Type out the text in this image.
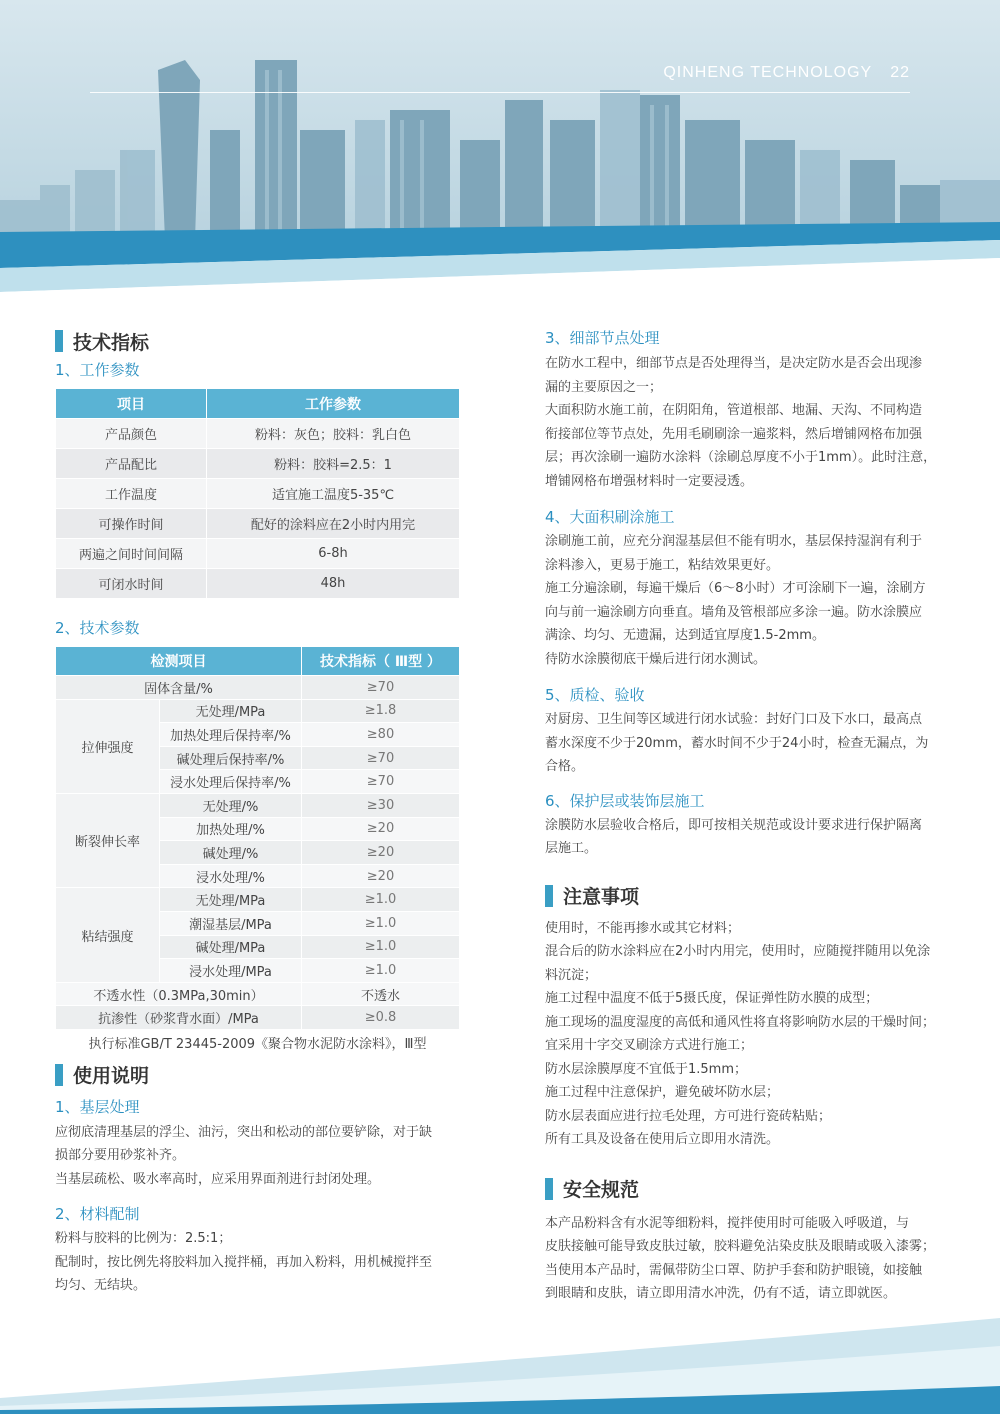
QINHENG TECHNOLOGY 22
技术指标

1、工作参数

项目	工作参数
产品颜色	粉料：灰色；胶料：乳白色
产品配比	粉料：胶料=2.5：1
工作温度	适宜施工温度5-35℃
可操作时间	配好的涂料应在2小时内用完
两遍之间时间间隔	6-8h
可闭水时间	48h

2、技术参数

检测项目		技术指标（ Ⅲ型 ）
固体含量/%		≥70
拉伸强度	无处理/MPa	≥1.8
	加热处理后保持率/%	≥80
	碱处理后保持率/%	≥70
	浸水处理后保持率/%	≥70
断裂伸长率	无处理/%	≥30
	加热处理/%	≥20
	碱处理/%	≥20
	浸水处理/%	≥20
粘结强度	无处理/MPa	≥1.0
	潮湿基层/MPa	≥1.0
	碱处理/MPa	≥1.0
	浸水处理/MPa	≥1.0
不透水性（0.3MPa,30min）		不透水
抗渗性（砂浆背水面）/MPa		≥0.8

执行标准GB/T 23445-2009《聚合物水泥防水涂料》，Ⅲ型

使用说明

1、基层处理

应彻底清理基层的浮尘、油污，突出和松动的部位要铲除，对于缺

损部分要用砂浆补齐。

当基层疏松、吸水率高时，应采用界面剂进行封闭处理。

2、材料配制

粉料与胶料的比例为：2.5:1；

配制时，按比例先将胶料加入搅拌桶，再加入粉料，用机械搅拌至

均匀、无结块。

3、细部节点处理

在防水工程中，细部节点是否处理得当，是决定防水是否会出现渗

漏的主要原因之一；

大面积防水施工前，在阴阳角，管道根部、地漏、天沟、不同构造

衔接部位等节点处，先用毛刷刷涂一遍浆料，然后增铺网格布加强

层；再次涂刷一遍防水涂料（涂刷总厚度不小于1mm）。此时注意，

增铺网格布增强材料时一定要浸透。

4、大面积刷涂施工

涂刷施工前，应充分润湿基层但不能有明水，基层保持湿润有利于

涂料渗入，更易于施工，粘结效果更好。

施工分遍涂刷，每遍干燥后（6～8小时）才可涂刷下一遍，涂刷方

向与前一遍涂刷方向垂直。墙角及管根部应多涂一遍。防水涂膜应

满涂、均匀、无遗漏，达到适宜厚度1.5-2mm。

待防水涂膜彻底干燥后进行闭水测试。

5、质检、验收

对厨房、卫生间等区域进行闭水试验：封好门口及下水口，最高点

蓄水深度不少于20mm，蓄水时间不少于24小时，检查无漏点，为

合格。

6、保护层或装饰层施工

涂膜防水层验收合格后，即可按相关规范或设计要求进行保护隔离

层施工。

注意事项

使用时，不能再掺水或其它材料；

混合后的防水涂料应在2小时内用完，使用时，应随搅拌随用以免涂

料沉淀；

施工过程中温度不低于5摄氏度，保证弹性防水膜的成型；

施工现场的温度湿度的高低和通风性将直将影响防水层的干燥时间；

宜采用十字交叉刷涂方式进行施工；

防水层涂膜厚度不宜低于1.5mm；

施工过程中注意保护，避免破坏防水层；

防水层表面应进行拉毛处理，方可进行瓷砖粘贴；

所有工具及设备在使用后立即用水清洗。

安全规范

本产品粉料含有水泥等细粉料，搅拌使用时可能吸入呼吸道，与

皮肤接触可能导致皮肤过敏，胶料避免沾染皮肤及眼睛或吸入漆雾；

当使用本产品时，需佩带防尘口罩、防护手套和防护眼镜，如接触

到眼睛和皮肤，请立即用清水冲洗，仍有不适，请立即就医。
